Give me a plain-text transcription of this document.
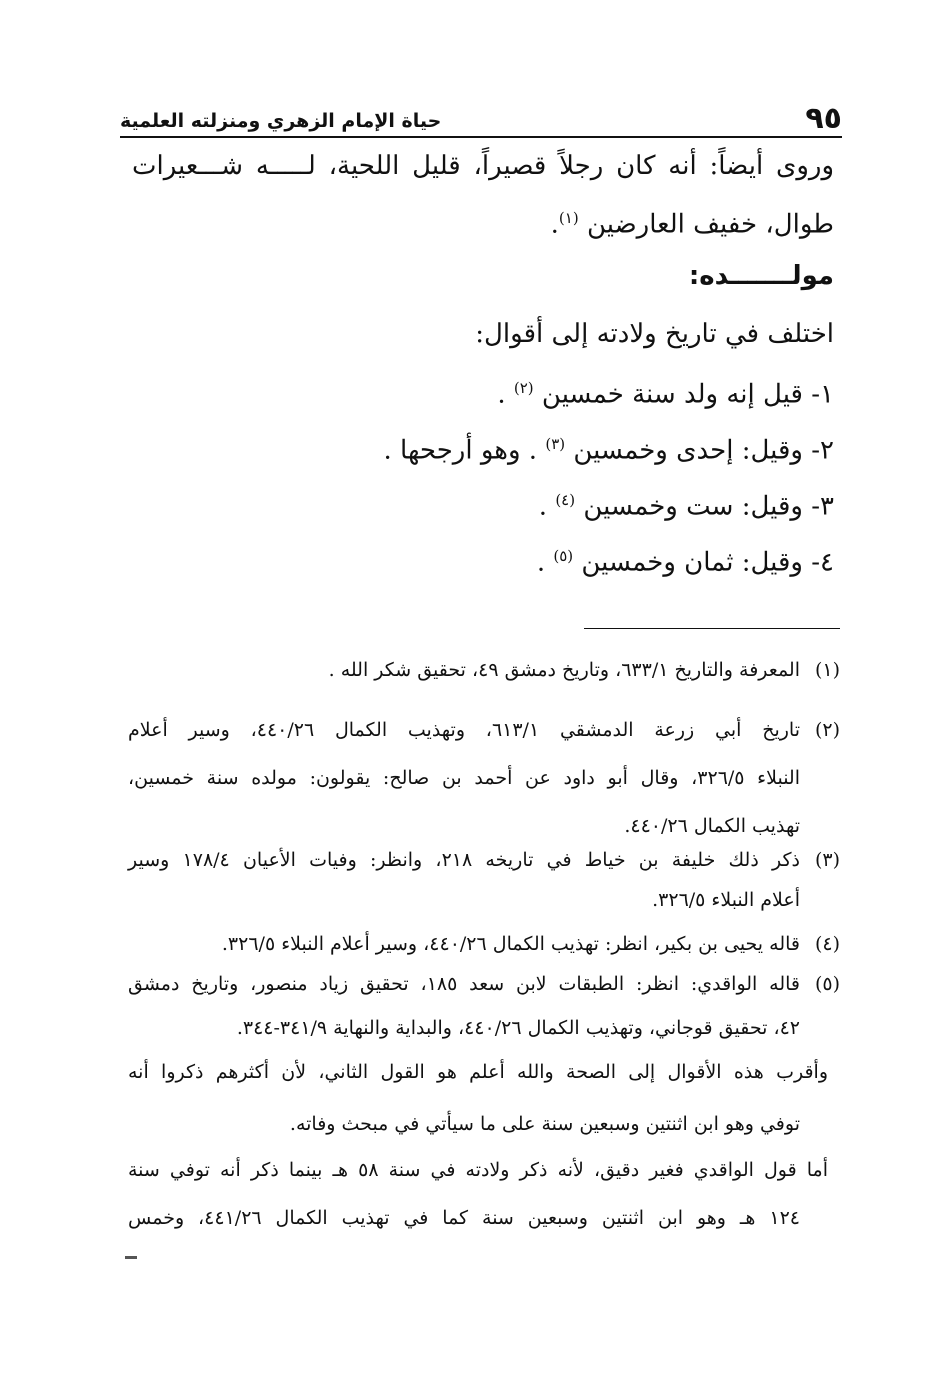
٩٥
حياة الإمام الزهري ومنزلته العلمية
وروى أيضاً: أنه كان رجلاً قصيراً، قليل اللحية، لـــــه شـــعيرات
طوال، خفيف العارضين $^{(١)}$.
مولـــــــده:
اختلف في تاريخ ولادته إلى أقوال:
١- قيل إنه ولد سنة خمسين $^{(٢)}$ .
٢- وقيل: إحدى وخمسين $^{(٣)}$ . وهو أرجحها .
٣- وقيل: ست وخمسين $^{(٤)}$ .
٤- وقيل: ثمان وخمسين $^{(٥)}$ .
(١)
المعرفة والتاريخ ٦٣٣/١، وتاريخ دمشق ٤٩، تحقيق شكر الله .
(٢)
تاريخ أبي زرعة الدمشقي ٦١٣/١، وتهذيب الكمال ٤٤٠/٢٦، وسير أعلام
النبلاء ٣٢٦/٥، وقال أبو داود عن أحمد بن صالح: يقولون: مولده سنة خمسين،
تهذيب الكمال ٤٤٠/٢٦.
(٣)
ذكر ذلك خليفة بن خياط في تاريخه ٢١٨، وانظر: وفيات الأعيان ١٧٨/٤ وسير
أعلام النبلاء ٣٢٦/٥.
(٤)
قاله يحيى بن بكير، انظر: تهذيب الكمال ٤٤٠/٢٦، وسير أعلام النبلاء ٣٢٦/٥.
(٥)
قاله الواقدي: انظر: الطبقات لابن سعد ١٨٥، تحقيق زياد منصور، وتاريخ دمشق
٤٢، تحقيق قوجاني، وتهذيب الكمال ٤٤٠/٢٦، والبداية والنهاية ٣٤١/٩-٣٤٤.
وأقرب هذه الأقوال إلى الصحة والله أعلم هو القول الثاني، لأن أكثرهم ذكروا أنه
توفي وهو ابن اثنتين وسبعين سنة على ما سيأتي في مبحث وفاته.
أما قول الواقدي فغير دقيق، لأنه ذكر ولادته في سنة ٥٨ هـ بينما ذكر أنه توفي سنة
١٢٤ هـ وهو ابن اثنتين وسبعين سنة كما في تهذيب الكمال ٤٤١/٢٦، وخمس
